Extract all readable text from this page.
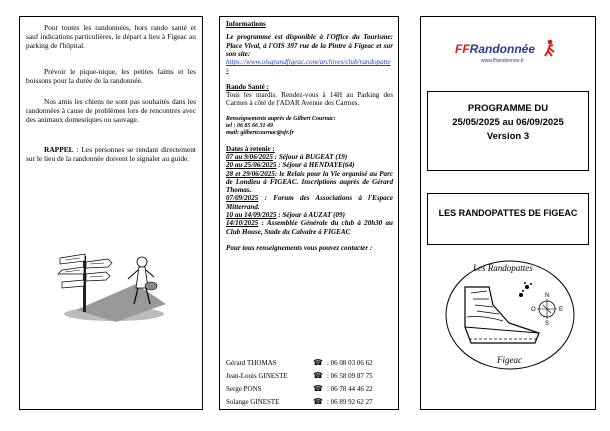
Pour toutes les randonnées, hors rando santé et sauf indications particulières, le départ a lieu à Figeac au parking de l'hôpital.

Prévoir le pique-nique, les petites faims et les boissons pour la durée de la randonnée.

Nos amis les chiens ne sont pas souhaités dans les randonnées à cause de problèmes lors de rencontres avec des animaux domestiques ou sauvage.

RAPPEL : Les personnes se rendant directement sur le lieu de la randonnée doivent le signaler au guide.

Informations

Le programme est disponible à l'Office du Tourisme: Place Vival, à l'OIS 397 rue de la Pintre à Figeac et sur son site:

https://www.oisgrandfigeac.com/archives/club/randopattes

Rando Santé :

Tous les mardis. Rendez-vous à 14H au Parking des Carmes à côté de l'ADAR Avenue des Carmes.

Renseignements auprès de Gilbert Cournac:

tel : 06 85 66 31 49

mail: gilbertcournac@sfr.fr

Dates à retenir :

07 au 9/06/2025 : Séjour à BUGEAT (19)

20 au 25/06/2025 : Séjour à HENDAYE(64)

28 et 29/06/2025: le Relais pour la Vie organisé au Parc de Londieu à FIGEAC. Inscriptions auprès de Gérard Thomas.

07/09/2025 : Forum des Associations à l'Espace Mitterrand.

10 au 14/09/2025 : Séjour à AUZAT (09)

14/10/2025 : Assemblée Générale du club à 20h30 au Club House, Stade du Calvaire à FIGEAC

Pour tous renseignements vous pouvez contacter :

Gérard THOMAS	☎ : 06 08 03 06 62
Jean-Louis GINESTE	☎ : 06 58 09 87 75
Serge PONS	☎ : 06 78 44 46 22
Solange GINESTE	☎ : 06 89 92 62 27
FFRandonnée
www.ffrandonnee.fr
PROGRAMME DU
25/05/2025 au 06/09/2025
Version 3
LES RANDOPATTES DE FIGEAC
N
E
S
O
Les Randopattes
Figeac
